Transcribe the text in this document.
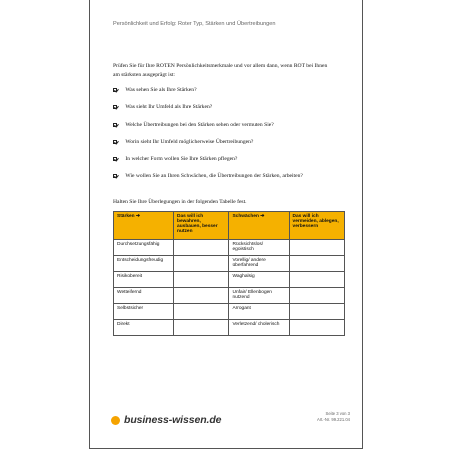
Persönlichkeit und Erfolg: Roter Typ, Stärken und Übertreibungen
Prüfen Sie für Ihre ROTEN Persönlichkeitsmerkmale und vor allem dann, wenn ROT bei Ihnen am stärksten ausgeprägt ist:
Was sehen Sie als Ihre Stärken?
Was sieht Ihr Umfeld als Ihre Stärken?
Welche Übertreibungen bei den Stärken sehen oder vermuten Sie?
Worin sieht Ihr Umfeld möglicherweise Übertreibungen?
In welcher Form wollen Sie Ihre Stärken pflegen?
Wie wollen Sie an Ihren Schwächen, die Übertreibungen der Stärken, arbeiten?
Halten Sie Ihre Überlegungen in der folgenden Tabelle fest.
Stärken ➔	Das will ich bewahren, ausbauen, besser nutzen	Schwächen ➔	Das will ich vermeiden, ablegen, verbessern
Durchsetzungsfähig		Rücksichtslos/ egoistisch	
Entscheidungsfreudig		Vorellig/ andere überfahrend	
Risikobereit		Waghalsig	
Wetteifernd		Unfair/ Ellenbogen nutzend	
Selbstsicher		Arrogant	
Direkt		Verletzend/ cholerisch	
business-wissen.de
Seite 3 von 3
Art.-Nr. 99.221.04
